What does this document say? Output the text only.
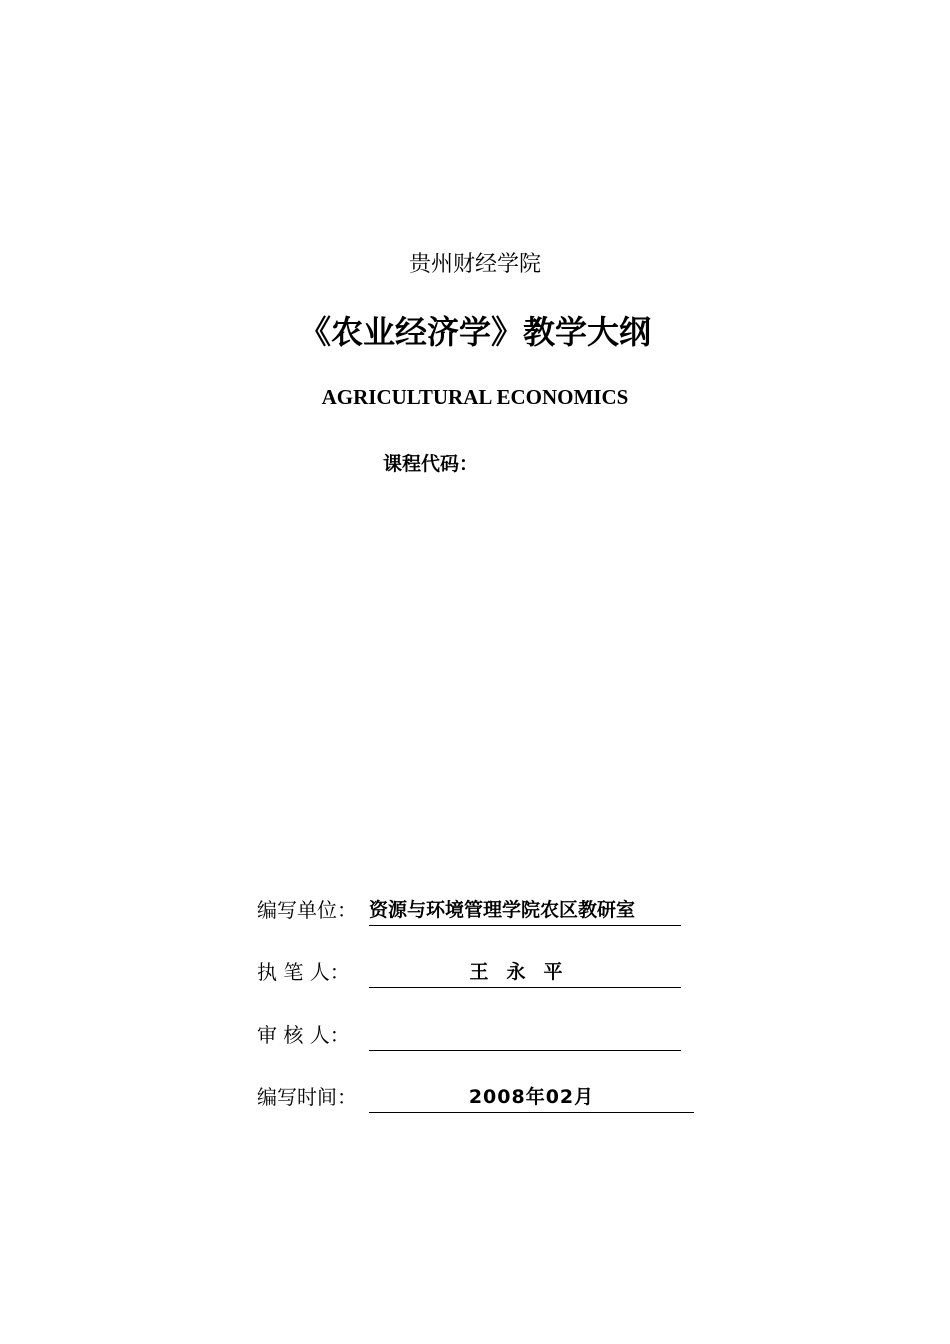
贵州财经学院
《农业经济学》教学大纲
AGRICULTURAL ECONOMICS
课程代码：
编写单位： 资源与环境管理学院农区教研室
执 笔 人：	王永平
审 核 人：

编写时间：	2008年02月
